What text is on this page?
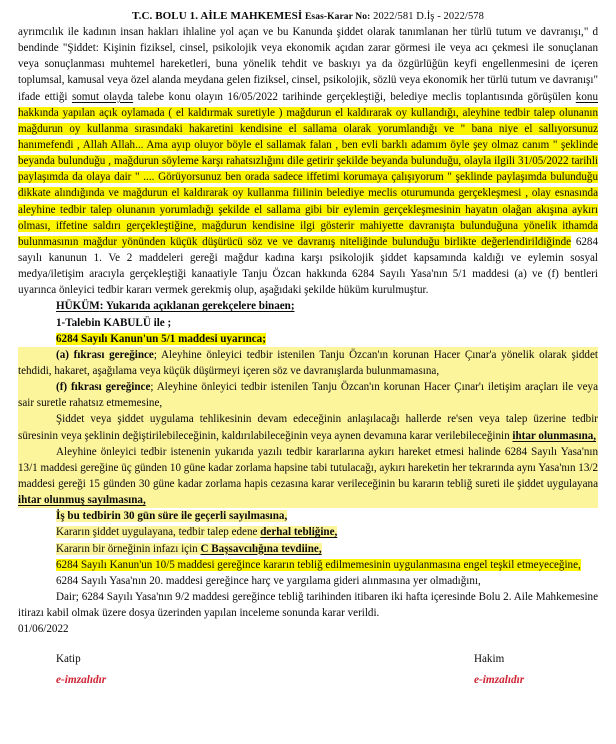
T.C. BOLU 1. AİLE MAHKEMESİ Esas-Karar No: 2022/581 D.İş - 2022/578

ayrımcılık ile kadının insan hakları ihlaline yol açan ve bu Kanunda şiddet olarak tanımlanan her türlü tutum ve davranışı," d bendinde "Şiddet: Kişinin fiziksel, cinsel, psikolojik veya ekonomik açıdan zarar görmesi ile veya acı çekmesi ile sonuçlanan veya sonuçlanması muhtemel hareketleri, buna yönelik tehdit ve baskıyı ya da özgürlüğün keyfi engellenmesini de içeren toplumsal, kamusal veya özel alanda meydana gelen fiziksel, cinsel, psikolojik, sözlü veya ekonomik her türlü tutum ve davranışı" ifade ettiği somut olayda talebe konu olayın 16/05/2022 tarihinde gerçekleştiği, belediye meclis toplantısında görüşülen konu hakkında yapılan açık oylamada ( el kaldırmak suretiyle ) mağdurun el kaldırarak oy kullandığı, aleyhine tedbir talep olunanın mağdurun oy kullanma sırasındaki hakaretini kendisine el sallama olarak yorumlandığı ve " bana niye el sallıyorsunuz hanımefendi , Allah Allah... Ama ayıp oluyor böyle el sallamak falan , ben evli barklı adamım öyle şey olmaz canım " şeklinde beyanda bulunduğu , mağdurun söyleme karşı rahatsızlığını dile getirir şekilde beyanda bulunduğu, olayla ilgili 31/05/2022 tarihli paylaşımda da olaya dair " .... Görüyorsunuz ben orada sadece iffetimi korumaya çalışıyorum " şeklinde paylaşımda bulunduğu dikkate alındığında ve mağdurun el kaldırarak oy kullanma fiilinin belediye meclis oturumunda gerçekleşmesi , olay esnasında aleyhine tedbir talep olunanın yorumladığı şekilde el sallama gibi bir eylemin gerçekleşmesinin hayatın olağan akışına aykırı olması, iffetine saldırı gerçekleştiğine, mağdurun kendisine ilgi gösterir mahiyette davranışta bulunduğuna yönelik ithamda bulunmasının mağdur yönünden küçük düşürücü söz ve ve davranış niteliğinde bulunduğu birlikte değerlendirildiğinde 6284 sayılı kanunun 1. Ve 2 maddeleri gereği mağdur kadına karşı psikolojik şiddet kapsamında kaldığı ve eylemin sosyal medya/iletişim aracıyla gerçekleştiği kanaatiyle Tanju Özcan hakkında 6284 Sayılı Yasa'nın 5/1 maddesi (a) ve (f) bentleri uyarınca önleyici tedbir kararı vermek gerekmiş olup, aşağıdaki şekilde hüküm kurulmuştur.

HÜKÜM: Yukarıda açıklanan gerekçelere binaen;

1-Talebin KABULÜ ile ;

6284 Sayılı Kanun'un 5/1 maddesi uyarınca;

(a) fıkrası gereğince; Aleyhine önleyici tedbir istenilen Tanju Özcan'ın korunan Hacer Çınar'a yönelik olarak şiddet tehdidi, hakaret, aşağılama veya küçük düşürmeyi içeren söz ve davranışlarda bulunmamasına,

(f) fıkrası gereğince; Aleyhine önleyici tedbir istenilen Tanju Özcan'ın korunan Hacer Çınar'ı iletişim araçları ile veya sair suretle rahatsız etmemesine,

Şiddet veya şiddet uygulama tehlikesinin devam edeceğinin anlaşılacağı hallerde re'sen veya talep üzerine tedbir süresinin veya şeklinin değiştirilebileceğinin, kaldırılabileceğinin veya aynen devamına karar verilebileceğinin ihtar olunmasına,

Aleyhine önleyici tedbir istenenin yukarıda yazılı tedbir kararlarına aykırı hareket etmesi halinde 6284 Sayılı Yasa'nın 13/1 maddesi gereğine üç günden 10 güne kadar zorlama hapsine tabi tutulacağı, aykırı hareketin her tekrarında aynı Yasa'nın 13/2 maddesi gereği 15 günden 30 güne kadar zorlama hapis cezasına karar verileceğinin bu kararın tebliğ sureti ile şiddet uygulayana ihtar olunmuş sayılmasına,

İş bu tedbirin 30 gün süre ile geçerli sayılmasına,

Kararın şiddet uygulayana, tedbir talep edene derhal tebliğine,

Kararın bir örneğinin infazı için C Başsavcılığına tevdiine,

6284 Sayılı Kanun'un 10/5 maddesi gereğince kararın tebliğ edilmemesinin uygulanmasına engel teşkil etmeyeceğine,

6284 Sayılı Yasa'nın 20. maddesi gereğince harç ve yargılama gideri alınmasına yer olmadığını,

Dair; 6284 Sayılı Yasa'nın 9/2 maddesi gereğince tebliğ tarihinden itibaren iki hafta içeresinde Bolu 2. Aile Mahkemesine itirazı kabil olmak üzere dosya üzerinden yapılan inceleme sonunda karar verildi.

01/06/2022

Katip

e-imzalıdır

Hakim

e-imzalıdır
